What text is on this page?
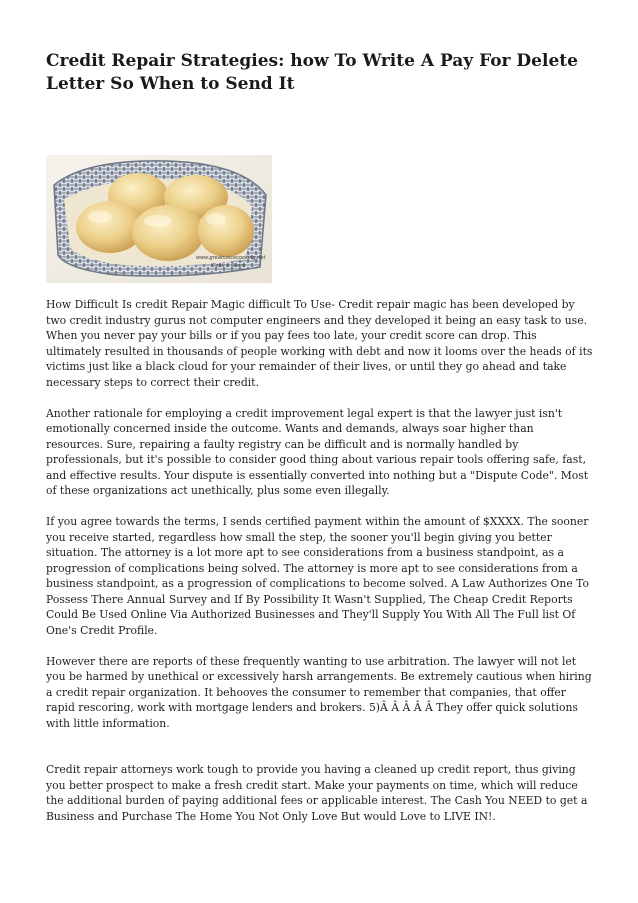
Credit Repair Strategies: how To Write A Pay For Delete Letter So When to Send It
www.greatvoicecooking.net
Cook n Share

How Difficult Is credit Repair Magic difficult To Use- Credit repair magic has been developed by two credit industry gurus not computer engineers and they developed it being an easy task to use. When you never pay your bills or if you pay fees too late, your credit score can drop. This ultimately resulted in thousands of people working with debt and now it looms over the heads of its victims just like a black cloud for your remainder of their lives, or until they go ahead and take necessary steps to correct their credit.

Another rationale for employing a credit improvement legal expert is that the lawyer just isn't emotionally concerned inside the outcome. Wants and demands, always soar higher than resources. Sure, repairing a faulty registry can be difficult and is normally handled by professionals, but it's possible to consider good thing about various repair tools offering safe, fast, and effective results. Your dispute is essentially converted into nothing but a "Dispute Code". Most of these organizations act unethically, plus some even illegally.

If you agree towards the terms, I sends certified payment within the amount of $XXXX. The sooner you receive started, regardless how small the step, the sooner you'll begin giving you better situation. The attorney is a lot more apt to see considerations from a business standpoint, as a progression of complications being solved. The attorney is more apt to see considerations from a business standpoint, as a progression of complications to become solved. A Law Authorizes One To Possess There Annual Survey and If By Possibility It Wasn't Supplied, The Cheap Credit Reports Could Be Used Online Via Authorized Businesses and They'll Supply You With All The Full list Of One's Credit Profile.

However there are reports of these frequently wanting to use arbitration. The lawyer will not let you be harmed by unethical or excessively harsh arrangements. Be extremely cautious when hiring a credit repair organization. It behooves the consumer to remember that companies, that offer rapid rescoring, work with mortgage lenders and brokers. 5)Â Â Â Â Â They offer quick solutions with little information.

Credit repair attorneys work tough to provide you having a cleaned up credit report, thus giving you better prospect to make a fresh credit start. Make your payments on time, which will reduce the additional burden of paying additional fees or applicable interest. The Cash You NEED to get a Business and Purchase The Home You Not Only Love But would Love to LIVE IN!.
